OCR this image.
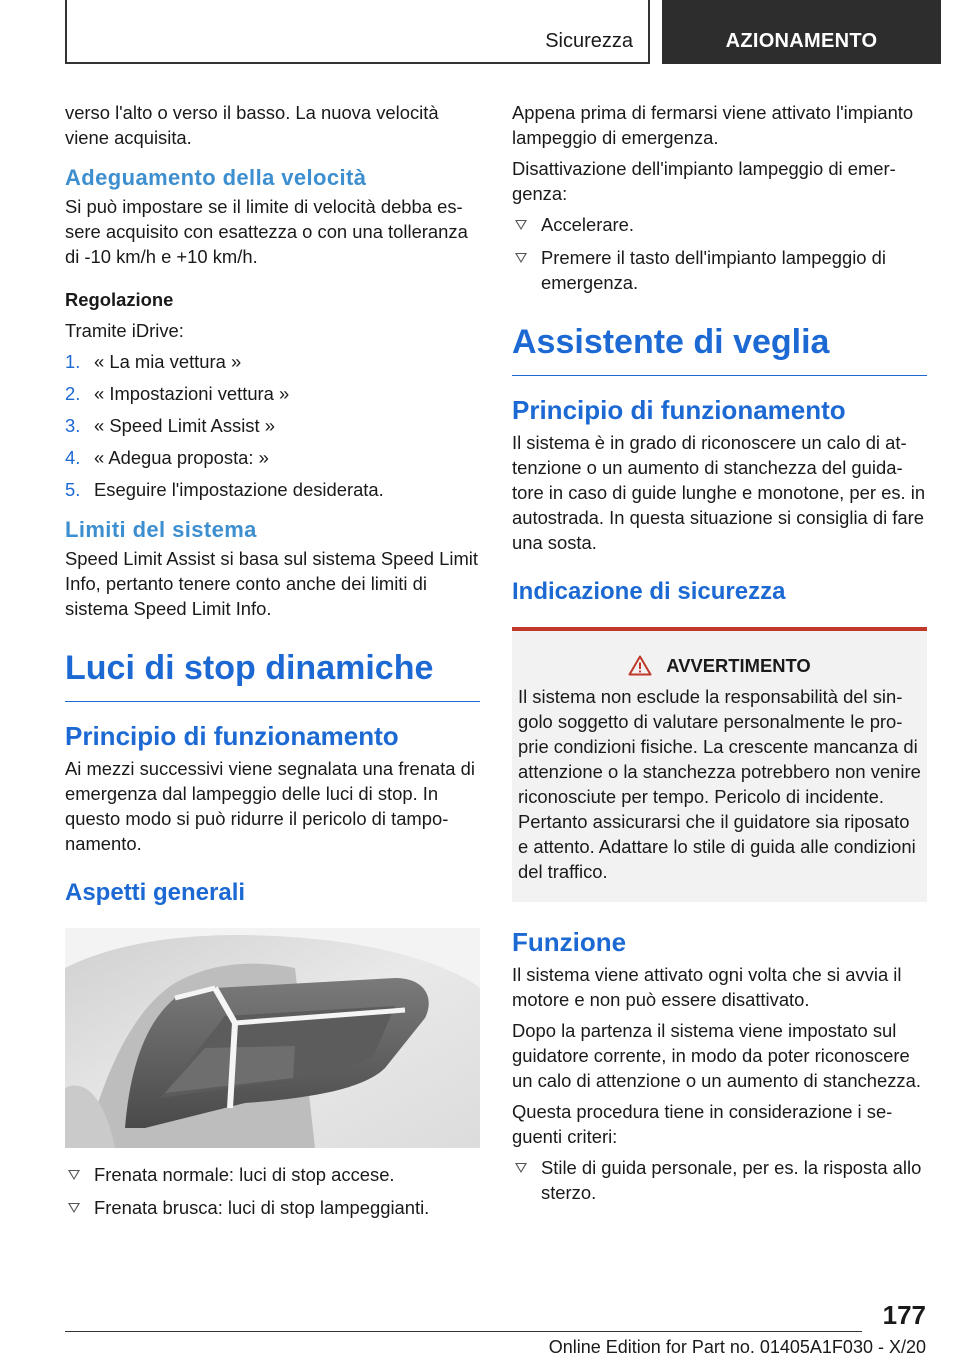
Sicurezza	AZIONAMENTO

verso l'alto o verso il basso. La nuova velocità viene acquisita.

Adeguamento della velocità

Si può impostare se il limite di velocità debba essere acquisito con esattezza o con una tolleranza di -10 km/h e +10 km/h.

Regolazione

Tramite iDrive:

1. « La mia vettura »
2. « Impostazioni vettura »
3. « Speed Limit Assist »
4. « Adegua proposta: »
5. Eseguire l'impostazione desiderata.
Limiti del sistema

Speed Limit Assist si basa sul sistema Speed Limit Info, pertanto tenere conto anche dei limiti di sistema Speed Limit Info.

Luci di stop dinamiche
Principio di funzionamento

Ai mezzi successivi viene segnalata una frenata di emergenza dal lampeggio delle luci di stop. In questo modo si può ridurre il pericolo di tamponamento.

Aspetti generali
Frenata normale: luci di stop accese.
Frenata brusca: luci di stop lampeggianti.

Appena prima di fermarsi viene attivato l'impianto lampeggio di emergenza.

Disattivazione dell'impianto lampeggio di emergenza:

Accelerare.
Premere il tasto dell'impianto lampeggio di emergenza.
Assistente di veglia
Principio di funzionamento

Il sistema è in grado di riconoscere un calo di attenzione o un aumento di stanchezza del guidatore in caso di guide lunghe e monotone, per es. in autostrada. In questa situazione si consiglia di fare una sosta.

Indicazione di sicurezza
AVVERTIMENTO

Il sistema non esclude la responsabilità del singolo soggetto di valutare personalmente le proprie condizioni fisiche. La crescente mancanza di attenzione o la stanchezza potrebbero non venire riconosciute per tempo. Pericolo di incidente. Pertanto assicurarsi che il guidatore sia riposato e attento. Adattare lo stile di guida alle condizioni del traffico.

Funzione

Il sistema viene attivato ogni volta che si avvia il motore e non può essere disattivato.

Dopo la partenza il sistema viene impostato sul guidatore corrente, in modo da poter riconoscere un calo di attenzione o un aumento di stanchezza.

Questa procedura tiene in considerazione i seguenti criteri:

Stile di guida personale, per es. la risposta allo sterzo.
177
Online Edition for Part no. 01405A1F030 - X/20
